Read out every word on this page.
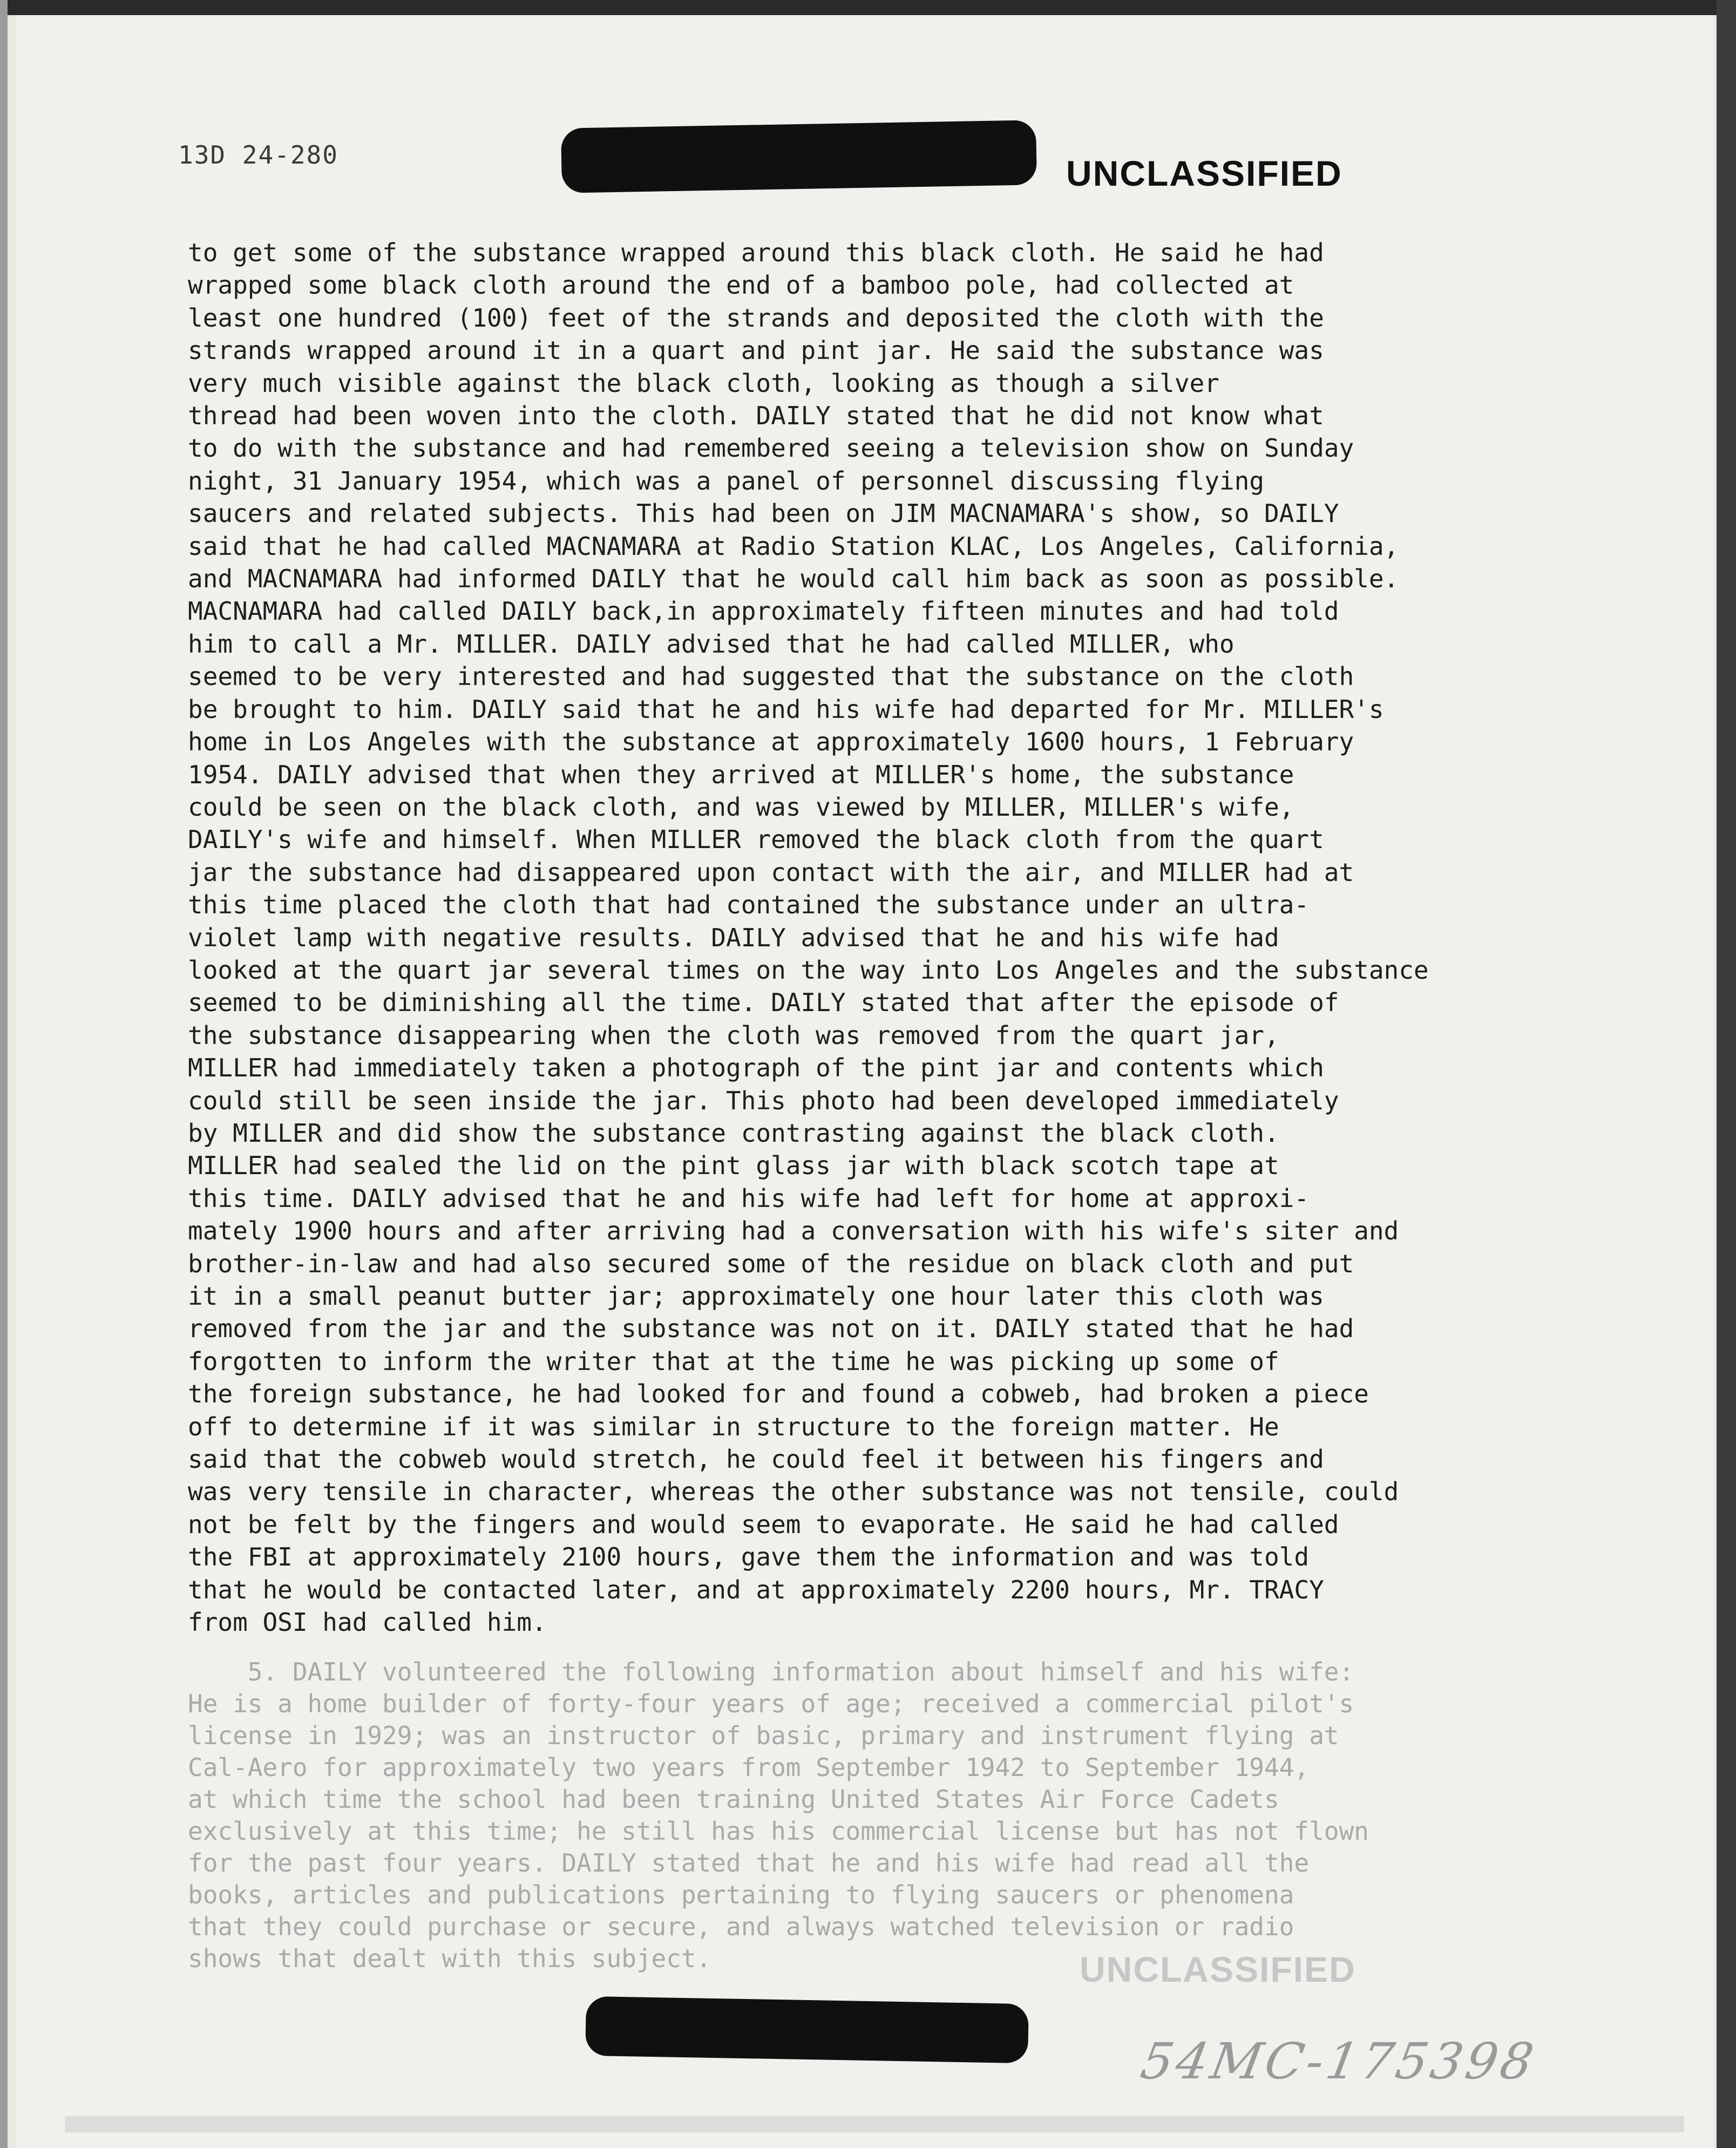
13D 24-280	UNCLASSIFIED
to get some of the substance wrapped around this black cloth. He said he had
wrapped some black cloth around the end of a bamboo pole, had collected at
least one hundred (100) feet of the strands and deposited the cloth with the
strands wrapped around it in a quart and pint jar. He said the substance was
very much visible against the black cloth, looking as though a silver
thread had been woven into the cloth. DAILY stated that he did not know what
to do with the substance and had remembered seeing a television show on Sunday
night, 31 January 1954, which was a panel of personnel discussing flying
saucers and related subjects. This had been on JIM MACNAMARA's show, so DAILY
said that he had called MACNAMARA at Radio Station KLAC, Los Angeles, California,
and MACNAMARA had informed DAILY that he would call him back as soon as possible.
MACNAMARA had called DAILY back,in approximately fifteen minutes and had told
him to call a Mr. MILLER. DAILY advised that he had called MILLER, who
seemed to be very interested and had suggested that the substance on the cloth
be brought to him. DAILY said that he and his wife had departed for Mr. MILLER's
home in Los Angeles with the substance at approximately 1600 hours, 1 February
1954. DAILY advised that when they arrived at MILLER's home, the substance
could be seen on the black cloth, and was viewed by MILLER, MILLER's wife,
DAILY's wife and himself. When MILLER removed the black cloth from the quart
jar the substance had disappeared upon contact with the air, and MILLER had at
this time placed the cloth that had contained the substance under an ultra-
violet lamp with negative results. DAILY advised that he and his wife had
looked at the quart jar several times on the way into Los Angeles and the substance
seemed to be diminishing all the time. DAILY stated that after the episode of
the substance disappearing when the cloth was removed from the quart jar,
MILLER had immediately taken a photograph of the pint jar and contents which
could still be seen inside the jar. This photo had been developed immediately
by MILLER and did show the substance contrasting against the black cloth.
MILLER had sealed the lid on the pint glass jar with black scotch tape at
this time. DAILY advised that he and his wife had left for home at approxi-
mately 1900 hours and after arriving had a conversation with his wife's siter and
brother-in-law and had also secured some of the residue on black cloth and put
it in a small peanut butter jar; approximately one hour later this cloth was
removed from the jar and the substance was not on it. DAILY stated that he had
forgotten to inform the writer that at the time he was picking up some of
the foreign substance, he had looked for and found a cobweb, had broken a piece
off to determine if it was similar in structure to the foreign matter. He
said that the cobweb would stretch, he could feel it between his fingers and
was very tensile in character, whereas the other substance was not tensile, could
not be felt by the fingers and would seem to evaporate. He said he had called
the FBI at approximately 2100 hours, gave them the information and was told
that he would be contacted later, and at approximately 2200 hours, Mr. TRACY
from OSI had called him.
5. DAILY volunteered the following information about himself and his wife:
He is a home builder of forty-four years of age; received a commercial pilot's
license in 1929; was an instructor of basic, primary and instrument flying at
Cal-Aero for approximately two years from September 1942 to September 1944,
at which time the school had been training United States Air Force Cadets
exclusively at this time; he still has his commercial license but has not flown
for the past four years. DAILY stated that he and his wife had read all the
books, articles and publications pertaining to flying saucers or phenomena
that they could purchase or secure, and always watched television or radio
shows that dealt with this subject.	UNCLASSIFIED
54MC-175398
